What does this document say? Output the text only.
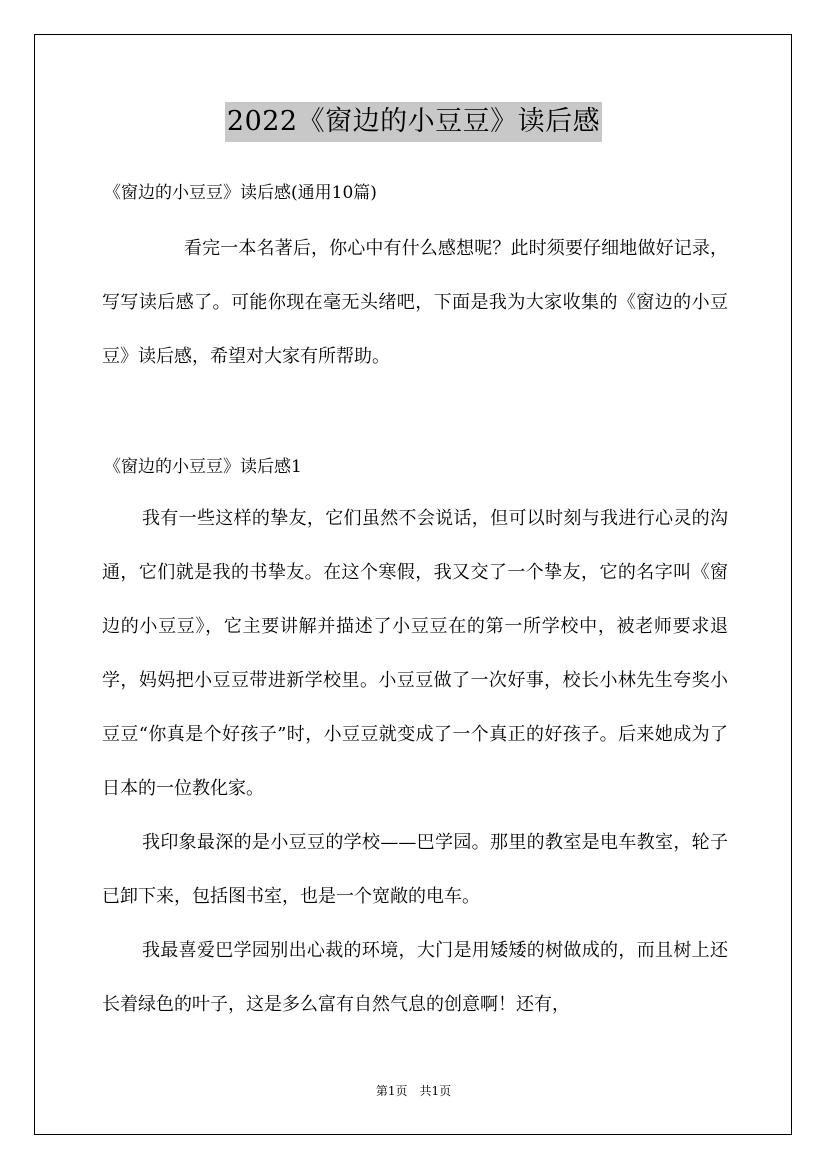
2022《窗边的小豆豆》读后感
《窗边的小豆豆》读后感(通用10篇)

看完一本名著后，你心中有什么感想呢？此时须要仔细地做好记录，写写读后感了。可能你现在毫无头绪吧，下面是我为大家收集的《窗边的小豆豆》读后感，希望对大家有所帮助。

《窗边的小豆豆》读后感1

我有一些这样的挚友，它们虽然不会说话，但可以时刻与我进行心灵的沟通，它们就是我的书挚友。在这个寒假，我又交了一个挚友，它的名字叫《窗边的小豆豆》，它主要讲解并描述了小豆豆在的第一所学校中，被老师要求退学，妈妈把小豆豆带进新学校里。小豆豆做了一次好事，校长小林先生夸奖小豆豆“你真是个好孩子”时，小豆豆就变成了一个真正的好孩子。后来她成为了日本的一位教化家。

我印象最深的是小豆豆的学校——巴学园。那里的教室是电车教室，轮子已卸下来，包括图书室，也是一个宽敞的电车。

我最喜爱巴学园别出心裁的环境，大门是用矮矮的树做成的，而且树上还长着绿色的叶子，这是多么富有自然气息的创意啊！还有，

第1页　共1页
